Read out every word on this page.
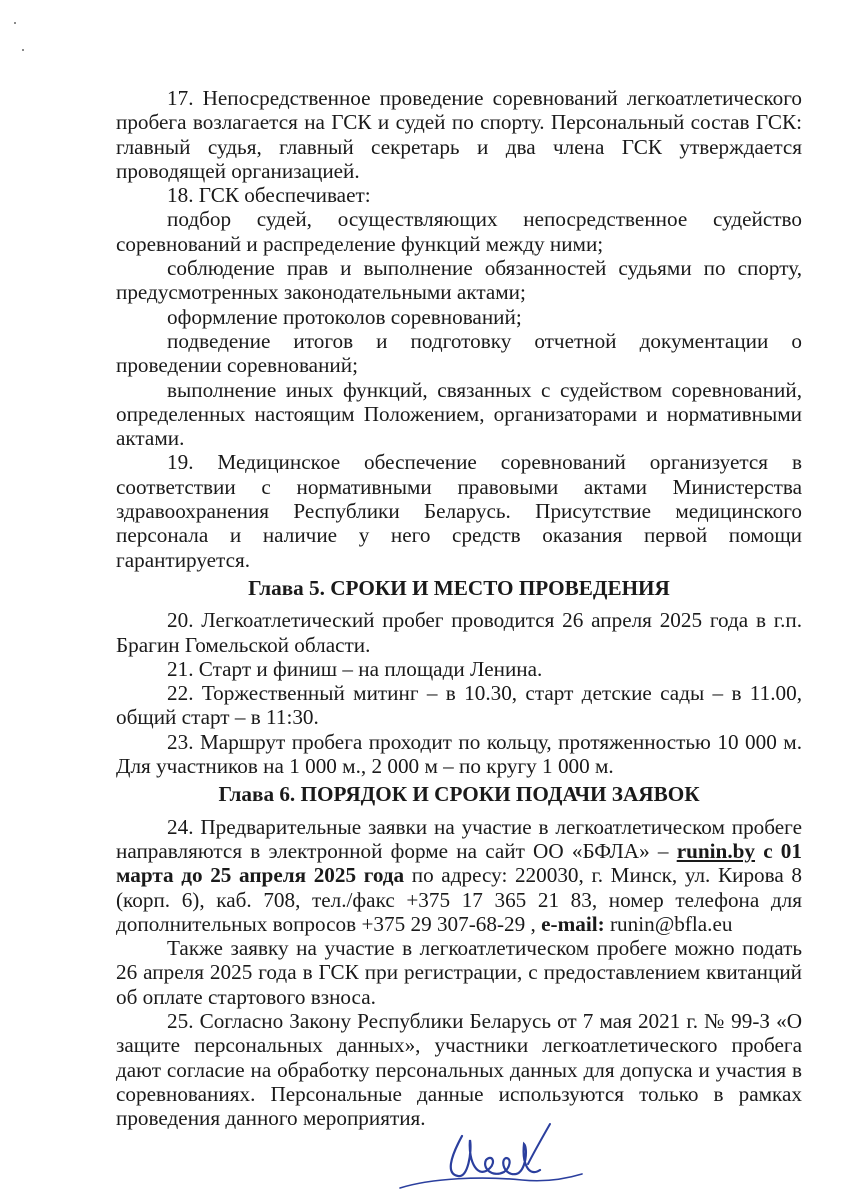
17. Непосредственное проведение соревнований легкоатлетического пробега возлагается на ГСК и судей по спорту. Персональный состав ГСК: главный судья, главный секретарь и два члена ГСК утверждается проводящей организацией.

18. ГСК обеспечивает:

подбор судей, осуществляющих непосредственное судейство соревнований и распределение функций между ними;

соблюдение прав и выполнение обязанностей судьями по спорту, предусмотренных законодательными актами;

оформление протоколов соревнований;

подведение итогов и подготовку отчетной документации о проведении соревнований;

выполнение иных функций, связанных с судейством соревнований, определенных настоящим Положением, организаторами и нормативными актами.

19. Медицинское обеспечение соревнований организуется в соответствии с нормативными правовыми актами Министерства здравоохранения Республики Беларусь. Присутствие медицинского персонала и наличие у него средств оказания первой помощи гарантируется.

Глава 5. СРОКИ И МЕСТО ПРОВЕДЕНИЯ

20. Легкоатлетический пробег проводится 26 апреля 2025 года в г.п. Брагин Гомельской области.

21. Старт и финиш – на площади Ленина.

22. Торжественный митинг – в 10.30, старт детские сады – в 11.00, общий старт – в 11:30.

23. Маршрут пробега проходит по кольцу, протяженностью 10 000 м. Для участников на 1 000 м., 2 000 м – по кругу 1 000 м.

Глава 6. ПОРЯДОК И СРОКИ ПОДАЧИ ЗАЯВОК

24. Предварительные заявки на участие в легкоатлетическом пробеге направляются в электронной форме на сайт ОО «БФЛА» – runin.by с 01 марта до 25 апреля 2025 года по адресу: 220030, г. Минск, ул. Кирова 8 (корп. 6), каб. 708, тел./факс +375 17 365 21 83, номер телефона для дополнительных вопросов +375 29 307-68-29 , e-mail: runin@bfla.eu

Также заявку на участие в легкоатлетическом пробеге можно подать 26 апреля 2025 года в ГСК при регистрации, с предоставлением квитанций об оплате стартового взноса.

25. Согласно Закону Республики Беларусь от 7 мая 2021 г. № 99-З «О защите персональных данных», участники легкоатлетического пробега дают согласие на обработку персональных данных для допуска и участия в соревнованиях. Персональные данные используются только в рамках проведения данного мероприятия.
